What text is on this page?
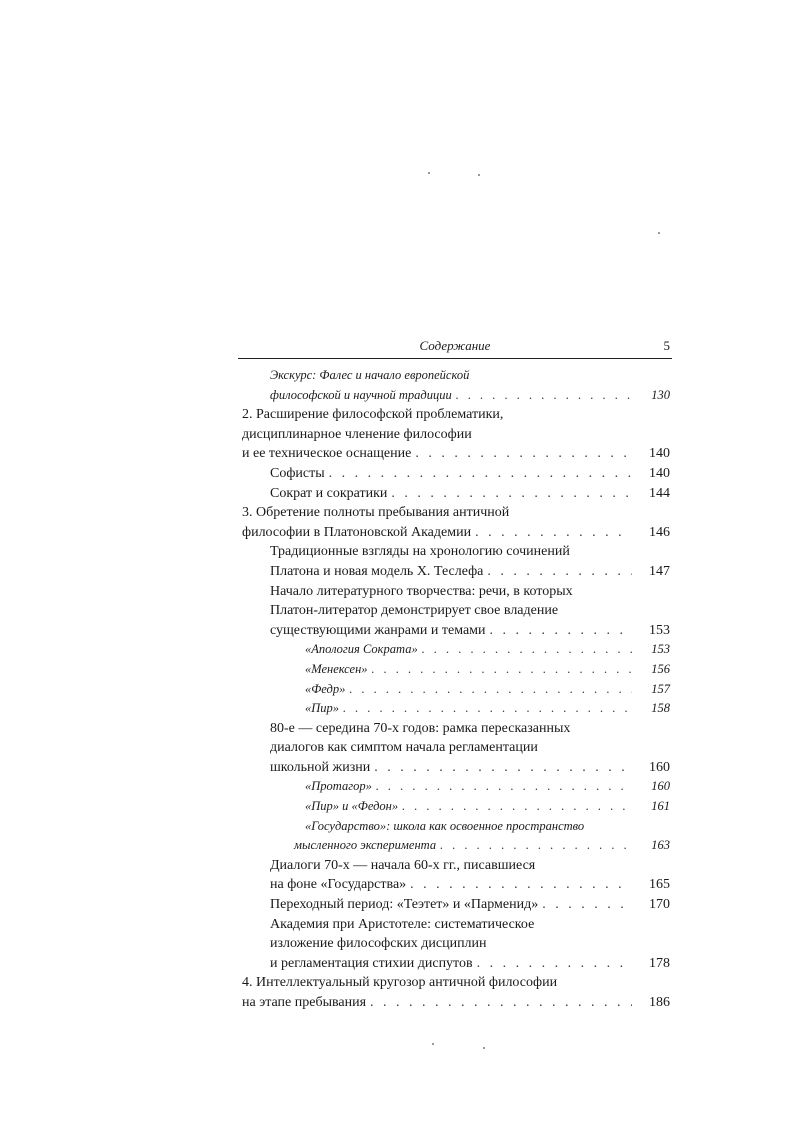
Содержание	5
Экскурс: Фалес и начало европейской
философской и научной традиции . . .	130
2. Расширение философской проблематики,
дисциплинарное членение философии
и ее техническое оснащение . . .	140
Софисты . . .	140
Сократ и сократики . . .	144
3. Обретение полноты пребывания античной
философии в Платоновской Академии . . .	146
Традиционные взгляды на хронологию сочинений
Платона и новая модель Х. Теслефа . . .	147
Начало литературного творчества: речи, в которых
Платон-литератор демонстрирует свое владение
существующими жанрами и темами . . .	153
«Апология Сократа» . . .	153
«Менексен» . . .	156
«Федр» . . .	157
«Пир» . . .	158
80-е — середина 70-х годов: рамка пересказанных
диалогов как симптом начала регламентации
школьной жизни . . .	160
«Протагор» . . .	160
«Пир» и «Федон» . . .	161
«Государство»: школа как освоенное пространство
мысленного эксперимента . . .	163
Диалоги 70-х — начала 60-х гг., писавшиеся
на фоне «Государства» . . .	165
Переходный период: «Теэтет» и «Парменид» . . .	170
Академия при Аристотеле: систематическое
изложение философских дисциплин
и регламентация стихии диспутов . . .	178
4. Интеллектуальный кругозор античной философии
на этапе пребывания . . .	186
